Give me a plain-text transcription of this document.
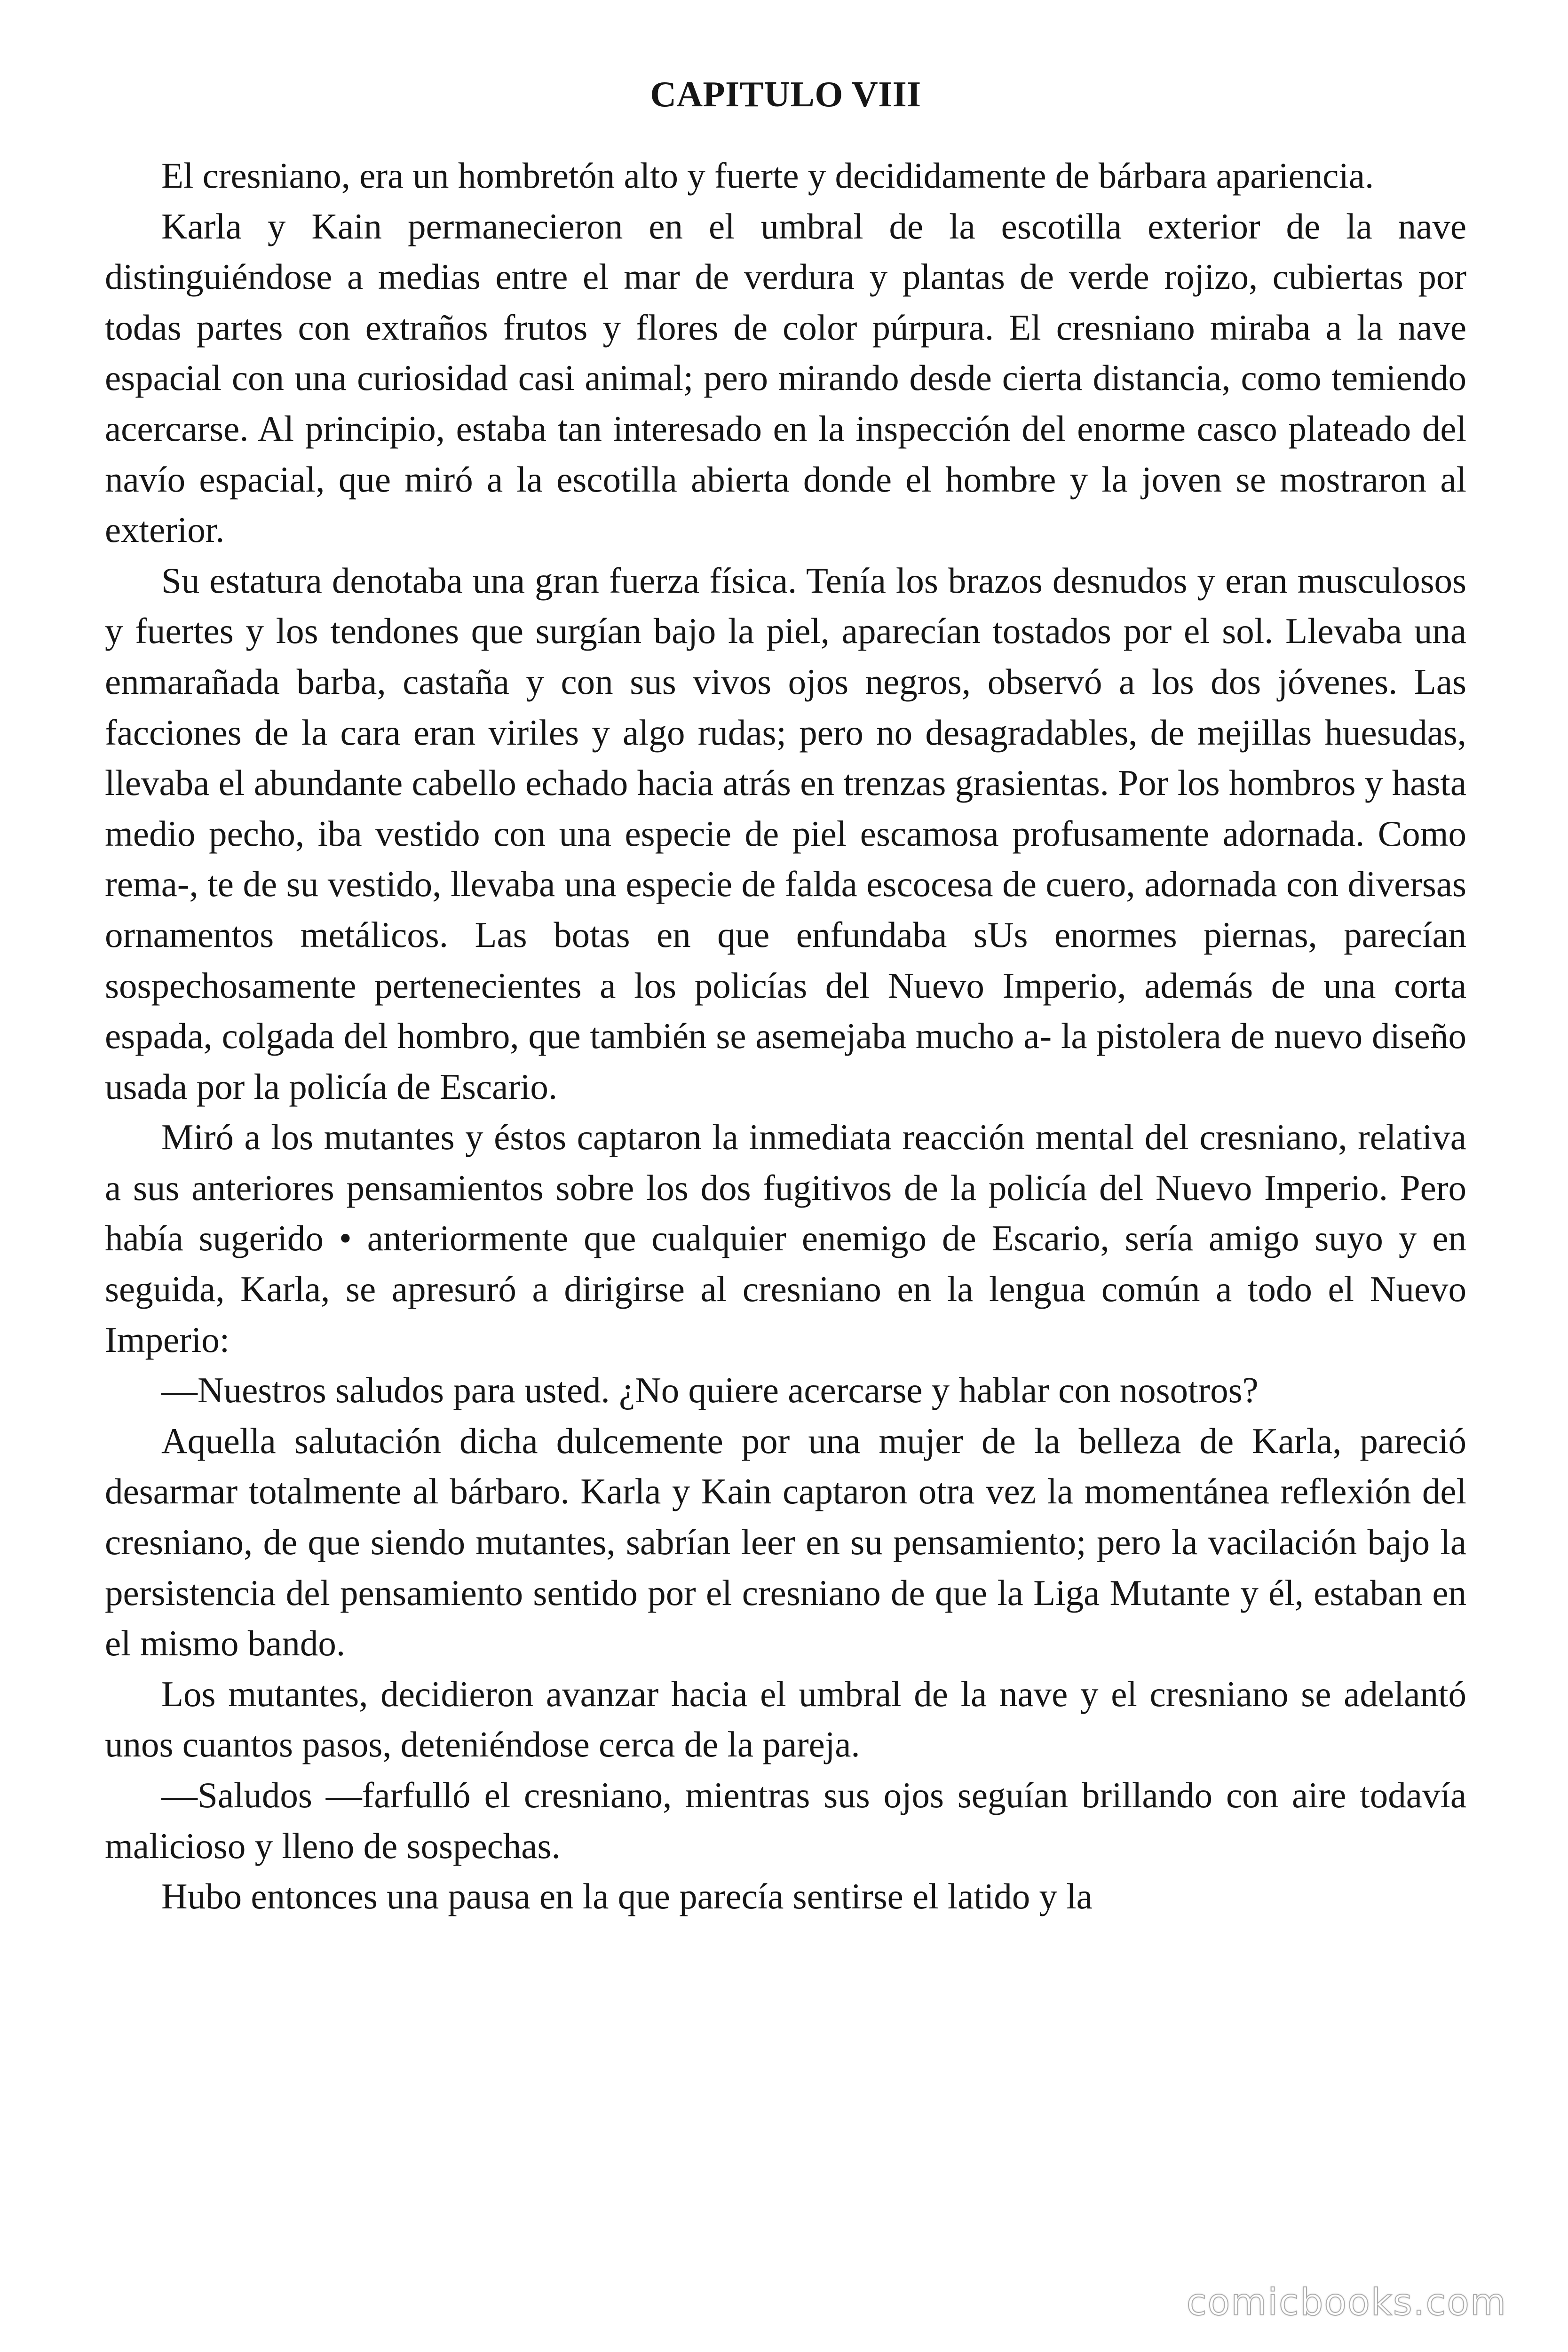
CAPITULO VIII

El cresniano, era un hombretón alto y fuerte y decididamente de bárbara apariencia.

Karla y Kain permanecieron en el umbral de la escotilla exterior de la nave distinguiéndose a medias entre el mar de verdura y plantas de verde rojizo, cubiertas por todas partes con extraños frutos y flores de color púrpura. El cresniano miraba a la nave espacial con una curiosidad casi animal; pero mirando desde cierta distancia, como temiendo acercarse. Al principio, estaba tan interesado en la inspección del enorme casco plateado del navío espacial, que miró a la escotilla abierta donde el hombre y la joven se mostraron al exterior.

Su estatura denotaba una gran fuerza física. Tenía los brazos desnudos y eran musculosos y fuertes y los tendones que surgían bajo la piel, aparecían tostados por el sol. Llevaba una enmarañada barba, castaña y con sus vivos ojos negros, observó a los dos jóvenes. Las facciones de la cara eran viriles y algo rudas; pero no desagradables, de mejillas huesudas, llevaba el abundante cabello echado hacia atrás en trenzas grasientas. Por los hombros y hasta medio pecho, iba vestido con una especie de piel escamosa profusamente adornada. Como rema-, te de su vestido, llevaba una especie de falda escocesa de cuero, adornada con diversas ornamentos metálicos. Las botas en que enfundaba sUs enormes piernas, parecían sospechosamente pertenecientes a los policías del Nuevo Imperio, además de una corta espada, colgada del hombro, que también se asemejaba mucho a- la pistolera de nuevo diseño usada por la policía de Escario.

Miró a los mutantes y éstos captaron la inmediata reacción mental del cresniano, relativa a sus anteriores pensamientos sobre los dos fugitivos de la policía del Nuevo Imperio. Pero había sugerido • anteriormente que cualquier enemigo de Escario, sería amigo suyo y en seguida, Karla, se apresuró a dirigirse al cresniano en la lengua común a todo el Nuevo Imperio:

—Nuestros saludos para usted. ¿No quiere acercarse y hablar con nosotros?

Aquella salutación dicha dulcemente por una mujer de la belleza de Karla, pareció desarmar totalmente al bárbaro. Karla y Kain captaron otra vez la momentánea reflexión del cresniano, de que siendo mutantes, sabrían leer en su pensamiento; pero la vacilación bajo la persistencia del pensamiento sentido por el cresniano de que la Liga Mutante y él, estaban en el mismo bando.

Los mutantes, decidieron avanzar hacia el umbral de la nave y el cresniano se adelantó unos cuantos pasos, deteniéndose cerca de la pareja.

—Saludos —farfulló el cresniano, mientras sus ojos seguían brillando con aire todavía malicioso y lleno de sospechas.

Hubo entonces una pausa en la que parecía sentirse el latido y la

comicbooks.com
